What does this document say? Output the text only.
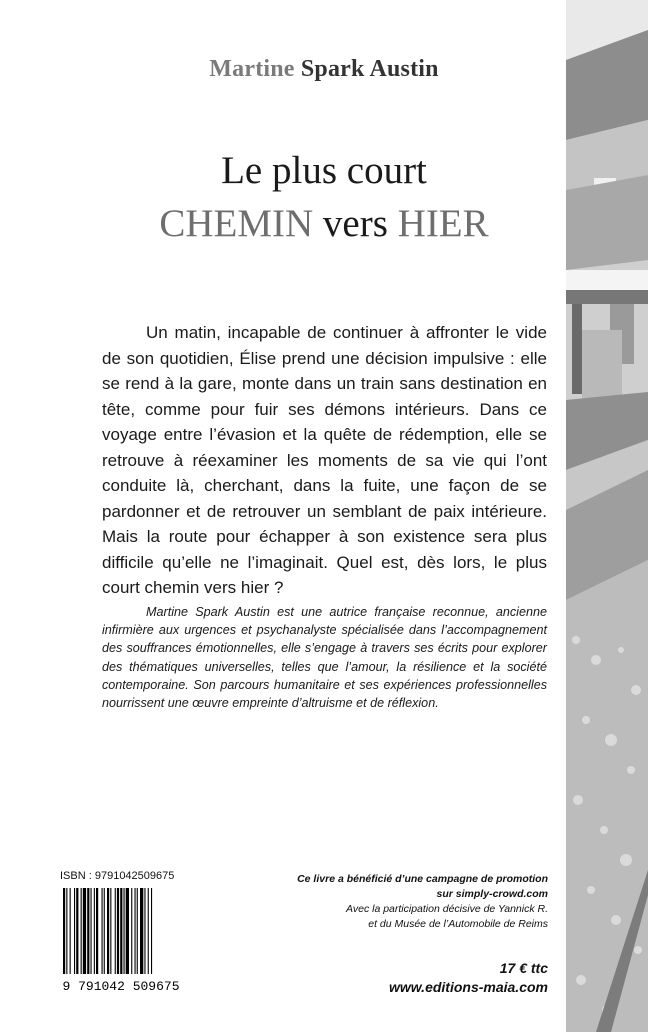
Martine Spark Austin
Le plus court
CHEMIN vers HIER
Un matin, incapable de continuer à affronter le vide de son quotidien, Élise prend une décision impulsive : elle se rend à la gare, monte dans un train sans destination en tête, comme pour fuir ses démons intérieurs. Dans ce voyage entre l’évasion et la quête de rédemption, elle se retrouve à réexaminer les moments de sa vie qui l’ont conduite là, cherchant, dans la fuite, une façon de se pardonner et de retrouver un semblant de paix intérieure. Mais la route pour échapper à son existence sera plus difficile qu’elle ne l’imaginait. Quel est, dès lors, le plus court chemin vers hier ?
Martine Spark Austin est une autrice française reconnue, ancienne infirmière aux urgences et psychanalyste spécialisée dans l’accompagnement des souffrances émotionnelles, elle s’engage à travers ses écrits pour explorer des thématiques universelles, telles que l’amour, la résilience et la société contemporaine. Son parcours humanitaire et ses expériences professionnelles nourrissent une œuvre empreinte d’altruisme et de réflexion.
ISBN : 9791042509675
9 791042 509675
Ce livre a bénéficié d’une campagne de promotion
sur simply-crowd.com
Avec la participation décisive de Yannick R.
et du Musée de l’Automobile de Reims
17 € ttc
www.editions-maia.com
